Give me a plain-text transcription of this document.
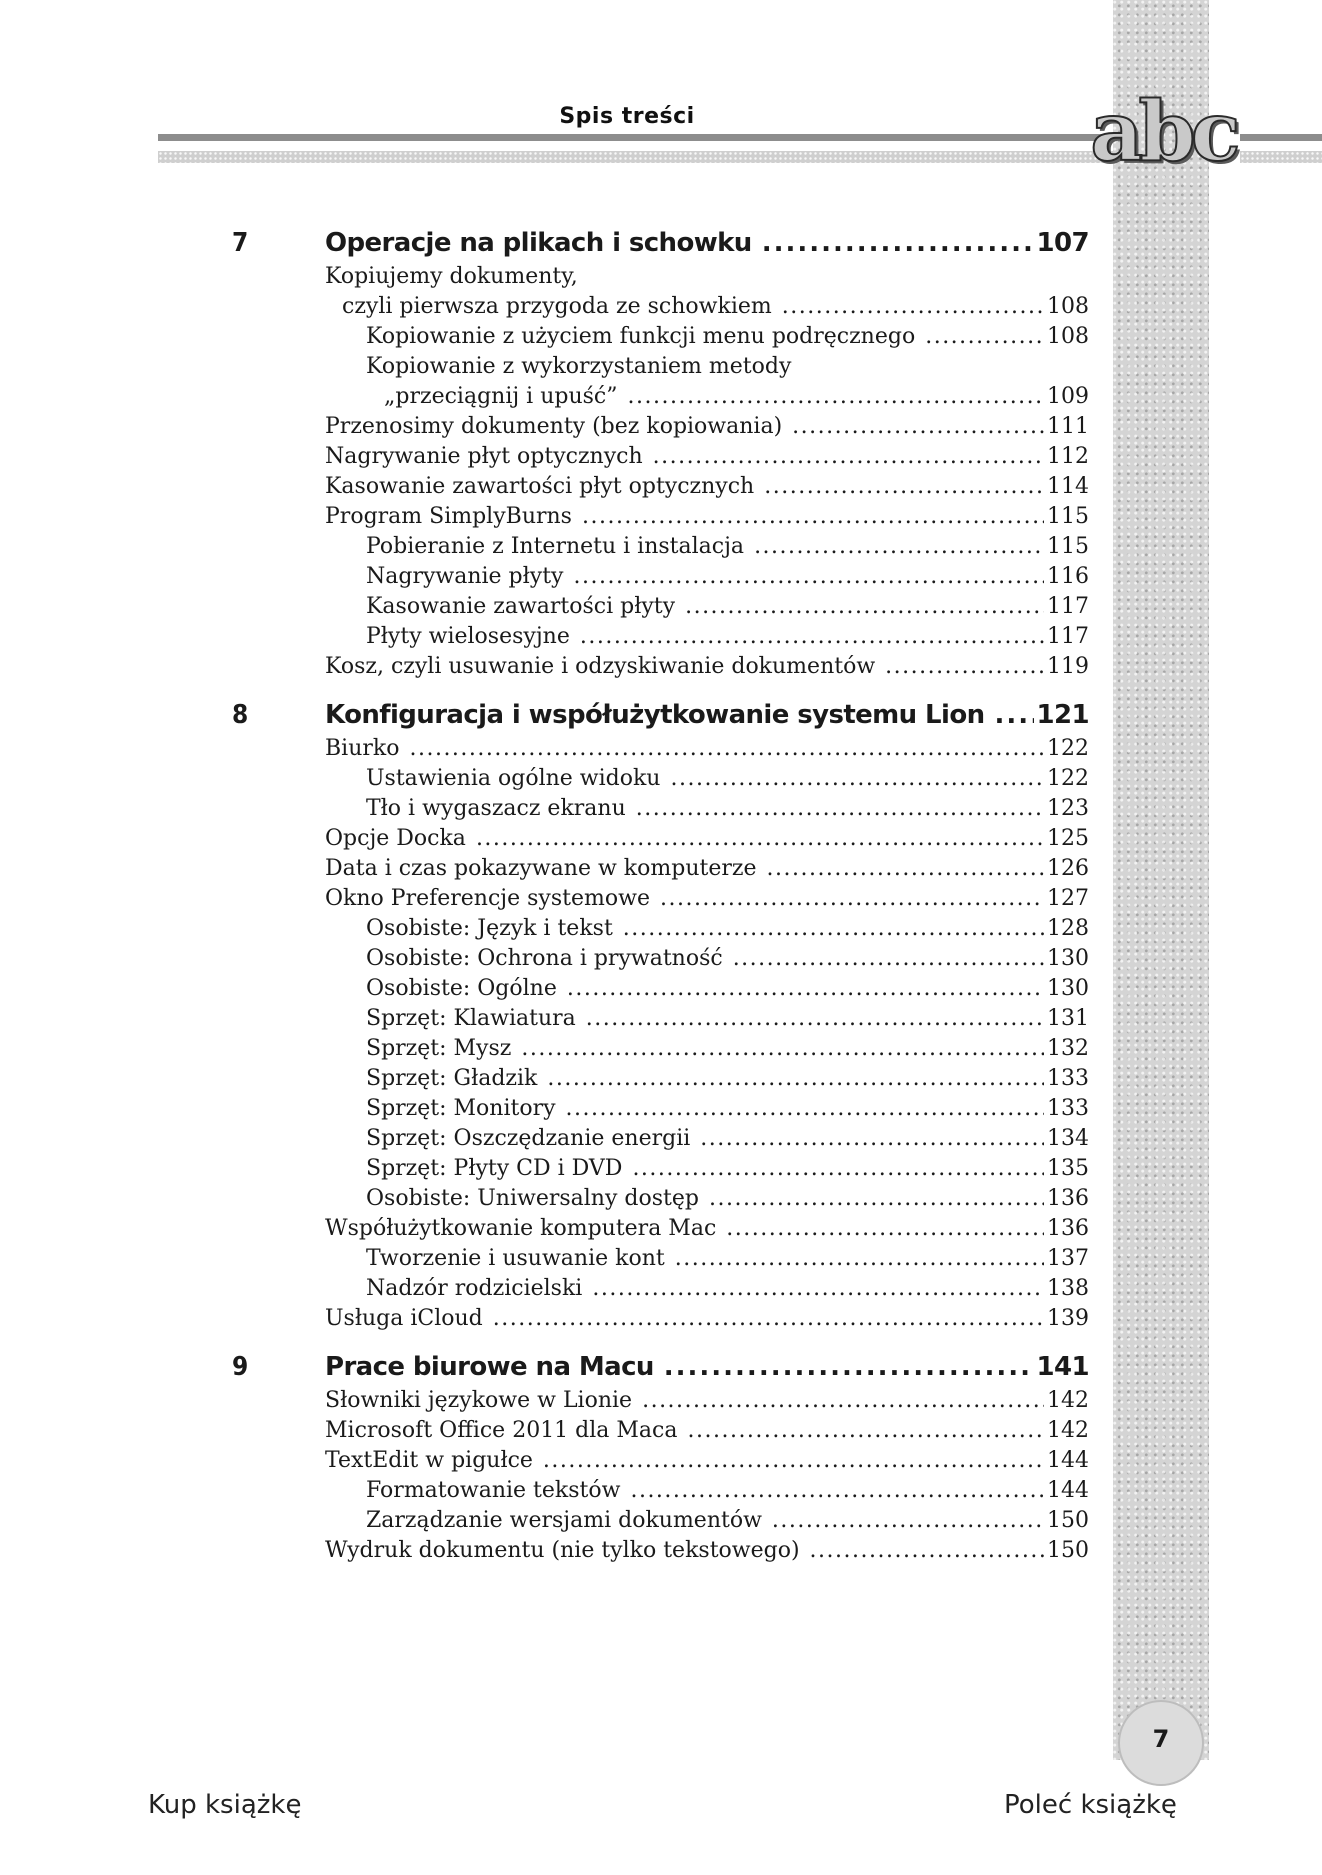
Spis treści	abc
7	Operacje na plikach i schowku .....	107
Kopiujemy dokumenty,
czyli pierwsza przygoda ze schowkiem .....	108
Kopiowanie z użyciem funkcji menu podręcznego .....	108
Kopiowanie z wykorzystaniem metody
„przeciągnij i upuść” .....	109
Przenosimy dokumenty (bez kopiowania) .....	111
Nagrywanie płyt optycznych .....	112
Kasowanie zawartości płyt optycznych .....	114
Program SimplyBurns .....	115
Pobieranie z Internetu i instalacja .....	115
Nagrywanie płyty .....	116
Kasowanie zawartości płyty .....	117
Płyty wielosesyjne .....	117
Kosz, czyli usuwanie i odzyskiwanie dokumentów .....	119
8	Konfiguracja i współużytkowanie systemu Lion ..... 121
Biurko .....	122
Ustawienia ogólne widoku .....	122
Tło i wygaszacz ekranu .....	123
Opcje Docka .....	125
Data i czas pokazywane w komputerze .....	126
Okno Preferencje systemowe .....	127
Osobiste: Język i tekst .....	128
Osobiste: Ochrona i prywatność .....	130
Osobiste: Ogólne .....	130
Sprzęt: Klawiatura .....	131
Sprzęt: Mysz .....	132
Sprzęt: Gładzik .....	133
Sprzęt: Monitory .....	133
Sprzęt: Oszczędzanie energii .....	134
Sprzęt: Płyty CD i DVD .....	135
Osobiste: Uniwersalny dostęp .....	136
Współużytkowanie komputera Mac .....	136
Tworzenie i usuwanie kont .....	137
Nadzór rodzicielski .....	138
Usługa iCloud .....	139
9	Prace biurowe na Macu .....	141
Słowniki językowe w Lionie .....	142
Microsoft Office 2011 dla Maca .....	142
TextEdit w pigułce .....	144
Formatowanie tekstów .....	144
Zarządzanie wersjami dokumentów .....	150
Wydruk dokumentu (nie tylko tekstowego) .....	150
7
Kup książkę	Poleć książkę
